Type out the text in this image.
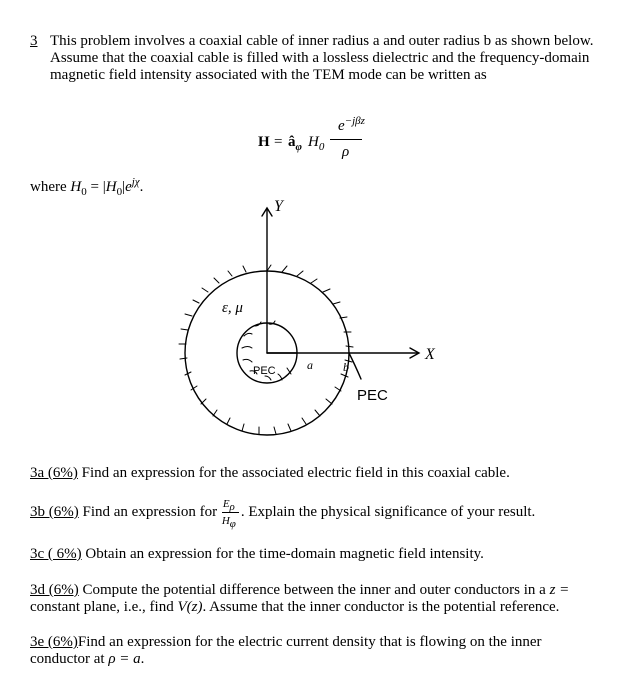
3 This problem involves a coaxial cable of inner radius a and outer radius b as shown below. Assume that the coaxial cable is filled with a lossless dielectric and the frequency-domain magnetic field intensity associated with the TEM mode can be written as
$H = â_\varphi$ $H_0$
$e^{-j\beta z}$
ρ
where $H_0 = |H_0|e^{j\chi}$.
Y
X
ε, μ
PEC	a	b
PEC
3a (6%) Find an expression for the associated electric field in this coaxial cable.
3b (6%) Find an expression for $\frac{E_\rho}{H_\varphi}$ . Explain the physical significance of your result.
3c ( 6%) Obtain an expression for the time-domain magnetic field intensity.
3d (6%) Compute the potential difference between the inner and outer conductors in a z =
constant plane, i.e., find V(z). Assume that the inner conductor is the potential reference.
3e (6%)Find an expression for the electric current density that is flowing on the inner conductor at ρ = a.
